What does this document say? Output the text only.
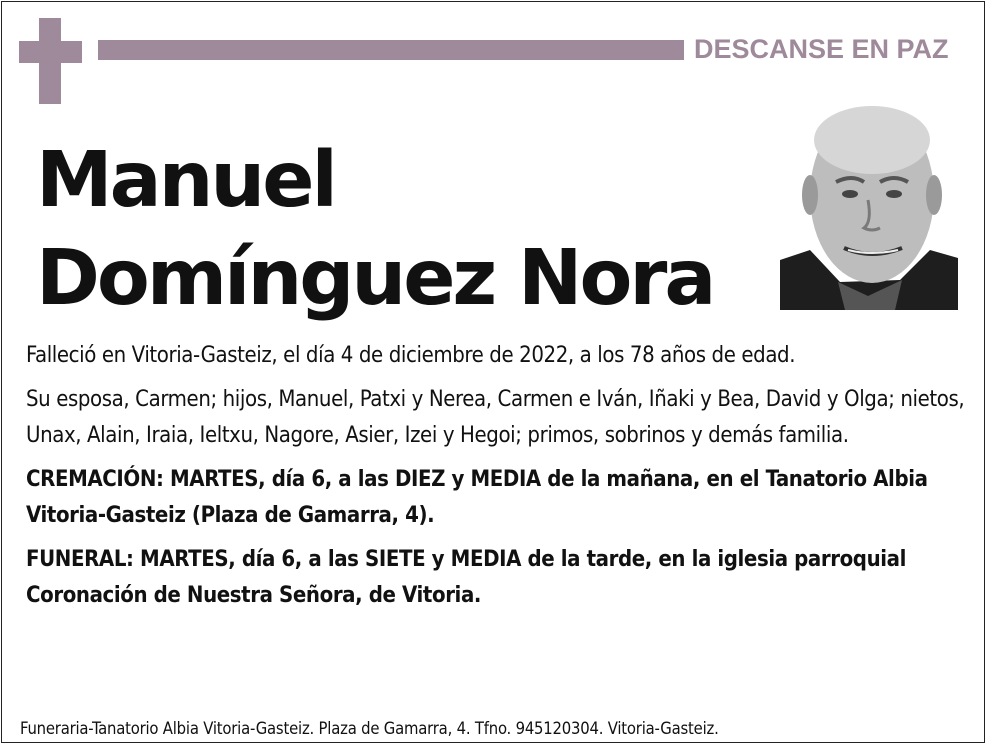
DESCANSE EN PAZ
Manuel
Domínguez Nora

Falleció en Vitoria-Gasteiz, el día 4 de diciembre de 2022, a los 78 años de edad.

Su esposa, Carmen; hijos, Manuel, Patxi y Nerea, Carmen e Iván, Iñaki y Bea, David y Olga; nietos, Unax, Alain, Iraia, Ieltxu, Nagore, Asier, Izei y Hegoi; primos, sobrinos y demás familia.

CREMACIÓN: MARTES, día 6, a las DIEZ y MEDIA de la mañana, en el Tanatorio Albia Vitoria-Gasteiz (Plaza de Gamarra, 4).

FUNERAL: MARTES, día 6, a las SIETE y MEDIA de la tarde, en la iglesia parroquial Coronación de Nuestra Señora, de Vitoria.

Funeraria-Tanatorio Albia Vitoria-Gasteiz. Plaza de Gamarra, 4. Tfno. 945120304. Vitoria-Gasteiz.
